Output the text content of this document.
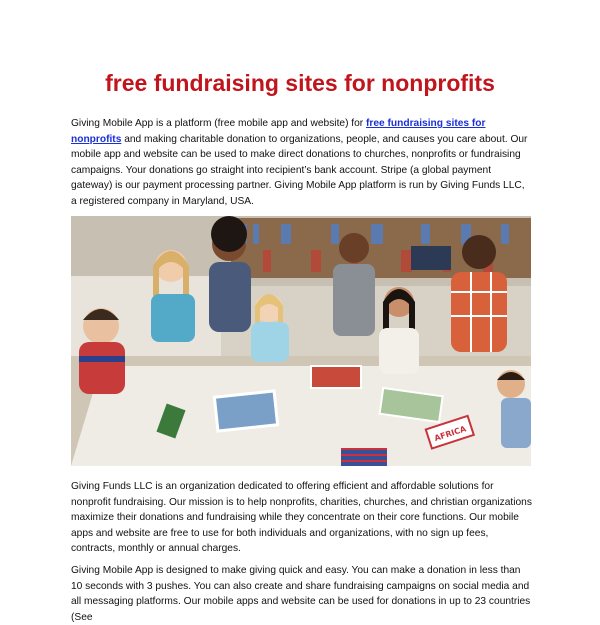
free fundraising sites for nonprofits

Giving Mobile App is a platform (free mobile app and website) for free fundraising sites for nonprofits and making charitable donation to organizations, people, and causes you care about. Our mobile app and website can be used to make direct donations to churches, nonprofits or fundraising campaigns. Your donations go straight into recipient’s bank account. Stripe (a global payment gateway) is our payment processing partner. Giving Mobile App platform is run by Giving Funds LLC, a registered company in Maryland, USA.

AFRICA

Giving Funds LLC is an organization dedicated to offering efficient and affordable solutions for nonprofit fundraising. Our mission is to help nonprofits, charities, churches, and christian organizations maximize their donations and fundraising while they concentrate on their core functions. Our mobile apps and website are free to use for both individuals and organizations, with no sign up fees, contracts, monthly or annual charges.

Giving Mobile App is designed to make giving quick and easy. You can make a donation in less than 10 seconds with 3 pushes. You can also create and share fundraising campaigns on social media and all messaging platforms. Our mobile apps and website can be used for donations in up to 23 countries (See
